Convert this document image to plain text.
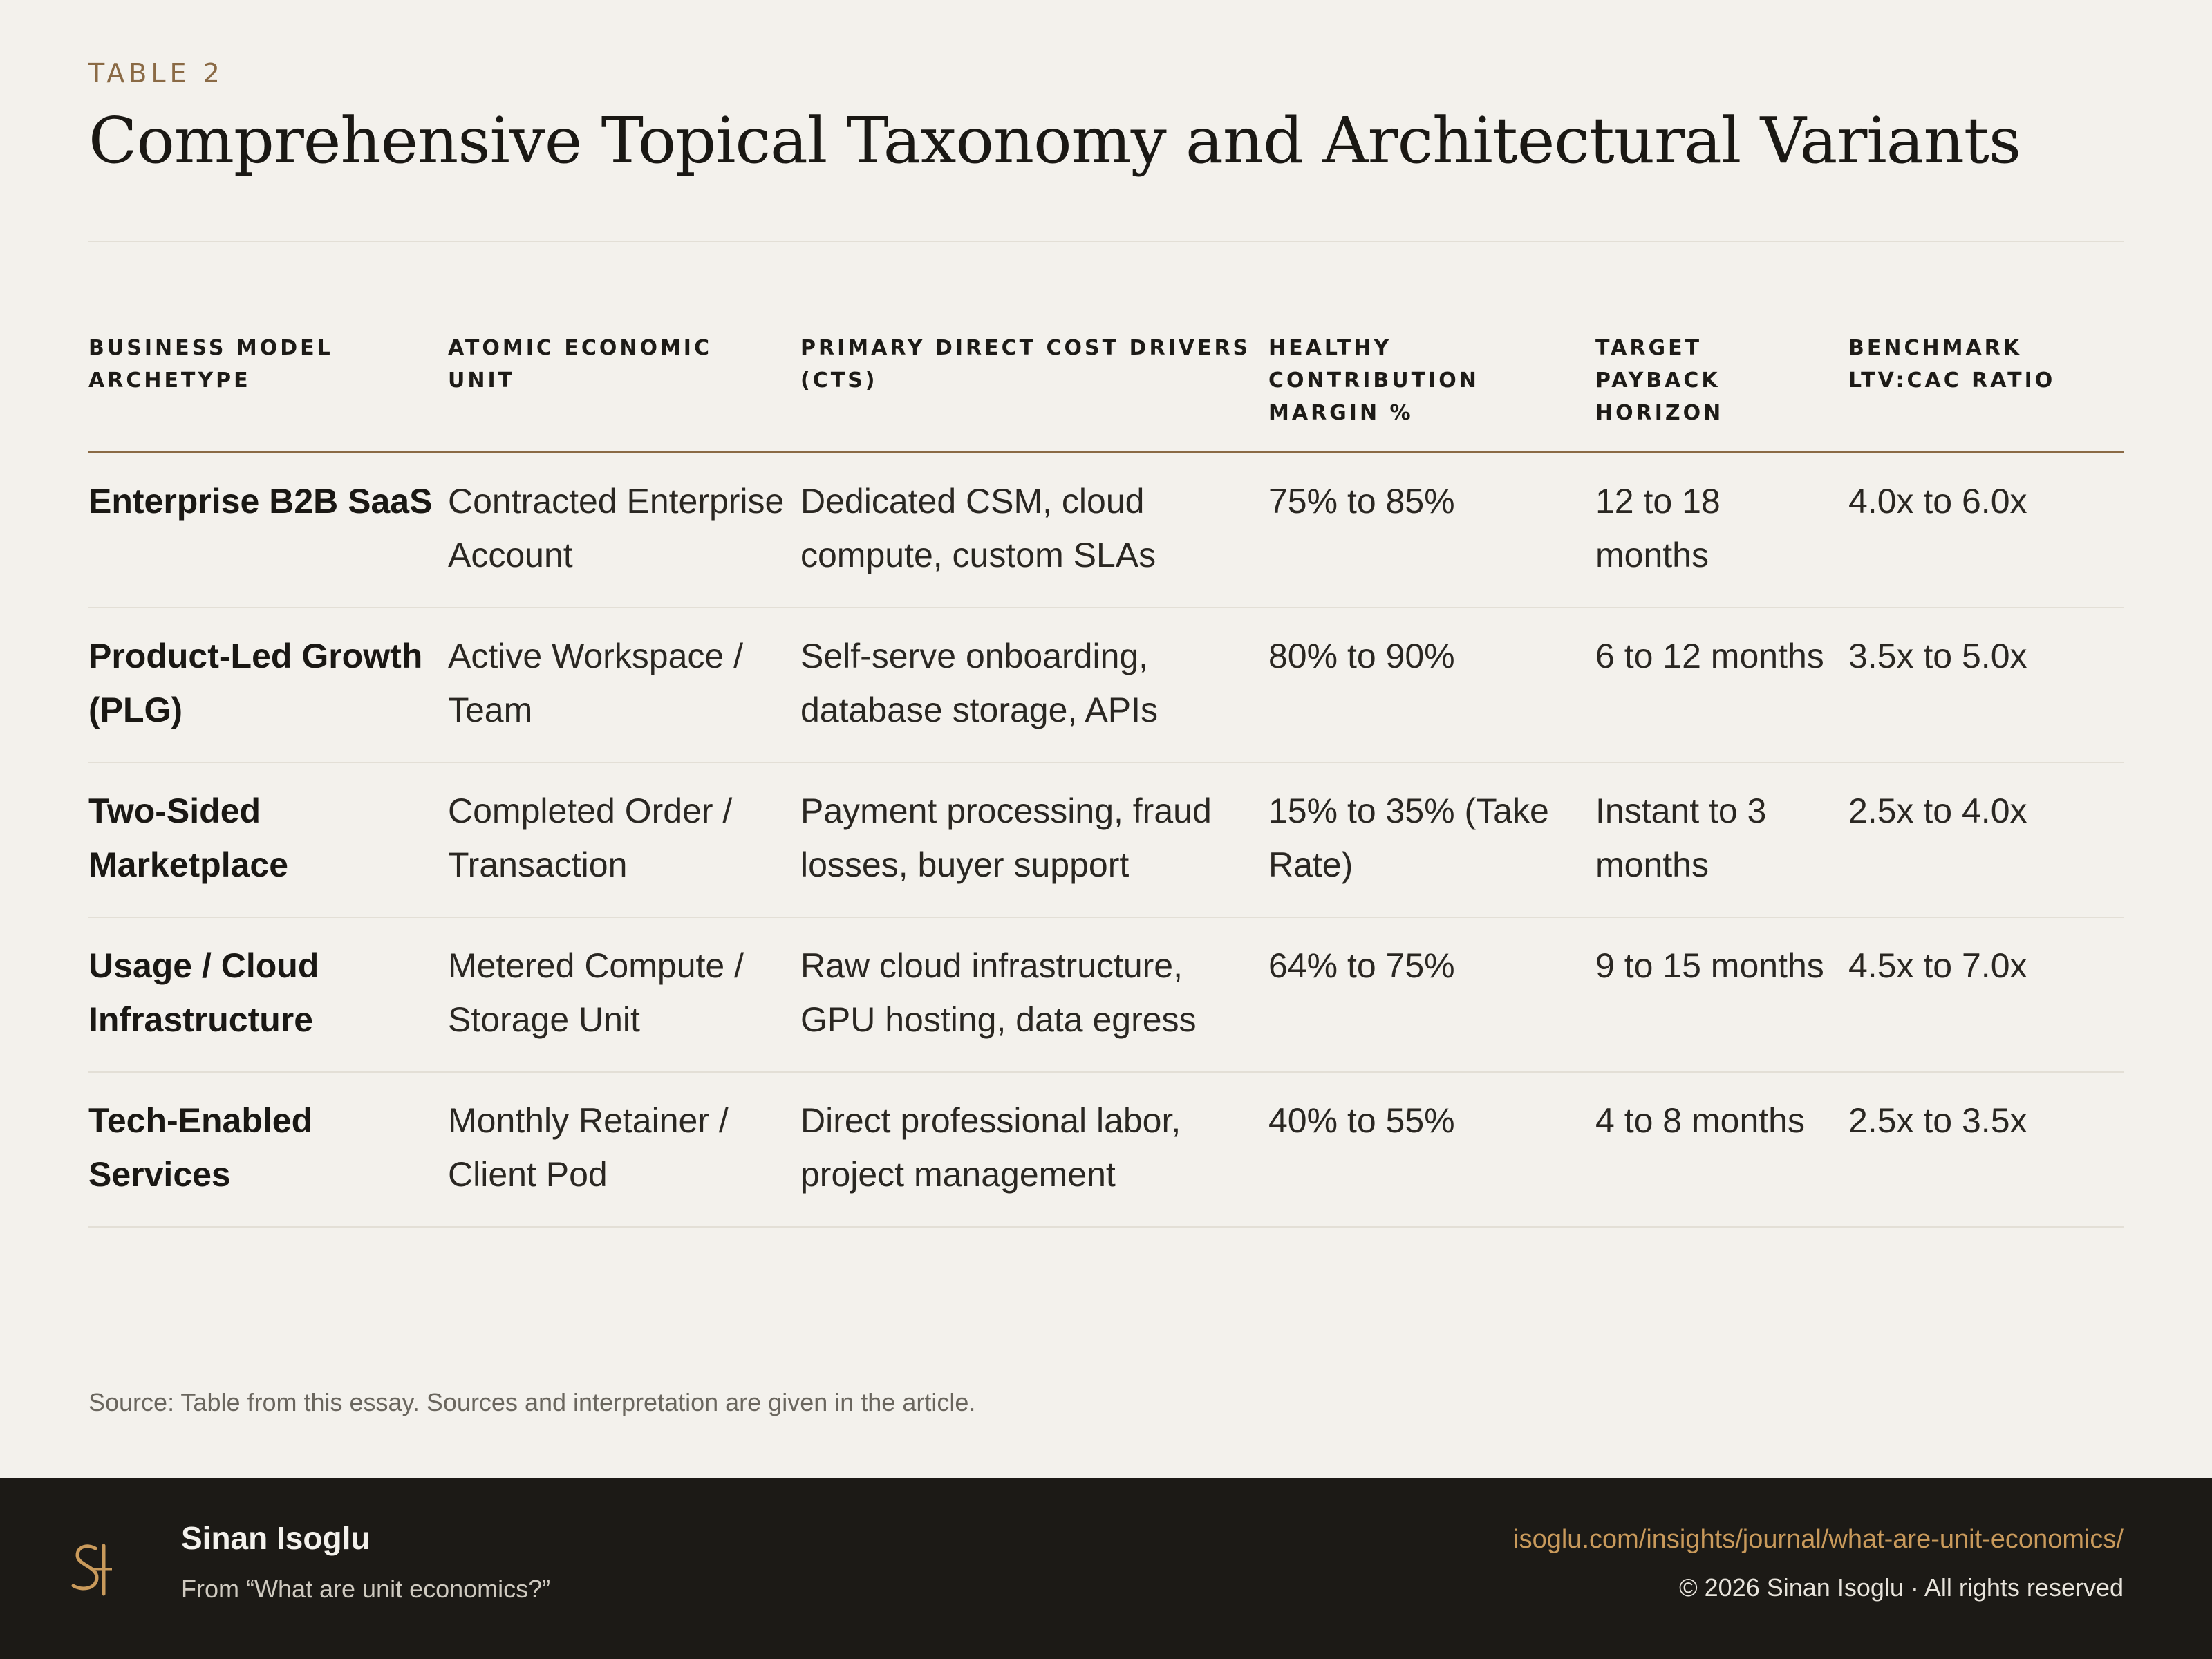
TABLE 2
Comprehensive Topical Taxonomy and Architectural Variants
BUSINESS MODEL ARCHETYPE	ATOMIC ECONOMIC UNIT	PRIMARY DIRECT COST DRIVERS (CTS)	HEALTHY CONTRIBUTION MARGIN %	TARGET PAYBACK HORIZON	BENCHMARK LTV:CAC RATIO
Enterprise B2B SaaS	Contracted Enterprise Account	Dedicated CSM, cloud compute, custom SLAs	75% to 85%	12 to 18 months	4.0x to 6.0x
Product-Led Growth (PLG)	Active Workspace / Team	Self-serve onboarding, database storage, APIs	80% to 90%	6 to 12 months	3.5x to 5.0x
Two-Sided Marketplace	Completed Order / Transaction	Payment processing, fraud losses, buyer support	15% to 35% (Take Rate)	Instant to 3 months	2.5x to 4.0x
Usage / Cloud Infrastructure	Metered Compute / Storage Unit	Raw cloud infrastructure, GPU hosting, data egress	64% to 75%	9 to 15 months	4.5x to 7.0x
Tech-Enabled Services	Monthly Retainer / Client Pod	Direct professional labor, project management	40% to 55%	4 to 8 months	2.5x to 3.5x
Source: Table from this essay. Sources and interpretation are given in the article.
Sinan Isoglu
From “What are unit economics?”
isoglu.com/insights/journal/what-are-unit-economics/
© 2026 Sinan Isoglu · All rights reserved
